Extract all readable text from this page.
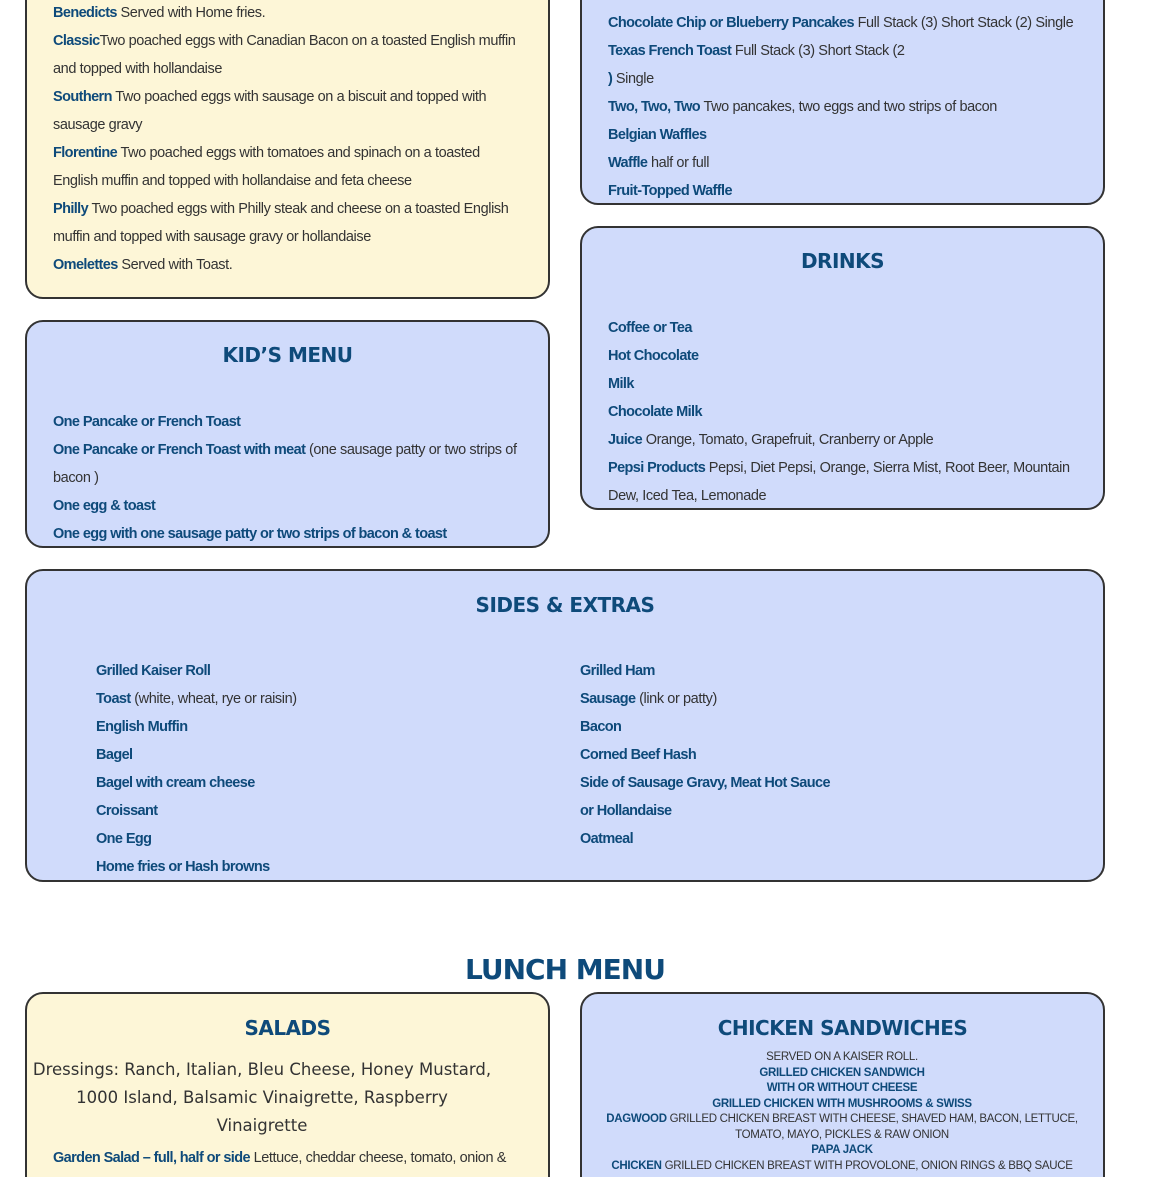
Benedicts Served with Home fries.
ClassicTwo poached eggs with Canadian Bacon on a toasted English muffin and topped with hollandaise
Southern Two poached eggs with sausage on a biscuit and topped with sausage gravy
Florentine Two poached eggs with tomatoes and spinach on a toasted English muffin and topped with hollandaise and feta cheese
Philly Two poached eggs with Philly steak and cheese on a toasted English muffin and topped with sausage gravy or hollandaise
Omelettes Served with Toast.
Chocolate Chip or Blueberry Pancakes Full Stack (3) Short Stack (2) Single
Texas French Toast Full Stack (3) Short Stack (2
) Single
Two, Two, Two Two pancakes, two eggs and two strips of bacon
Belgian Waffles
Waffle half or full
Fruit-Topped Waffle
KID’S MENU
One Pancake or French Toast
One Pancake or French Toast with meat (one sausage patty or two strips of bacon )
One egg & toast
One egg with one sausage patty or two strips of bacon & toast
DRINKS
Coffee or Tea
Hot Chocolate
Milk
Chocolate Milk
Juice Orange, Tomato, Grapefruit, Cranberry or Apple
Pepsi Products Pepsi, Diet Pepsi, Orange, Sierra Mist, Root Beer, Mountain Dew, Iced Tea, Lemonade
SIDES & EXTRAS
Grilled Kaiser Roll
Toast (white, wheat, rye or raisin)
English Muffin
Bagel
Bagel with cream cheese
Croissant
One Egg
Home fries or Hash browns
Grilled Ham
Sausage (link or patty)
Bacon
Corned Beef Hash
Side of Sausage Gravy, Meat Hot Sauce or Hollandaise
Oatmeal
LUNCH MENU
SALADS
Dressings: Ranch, Italian, Bleu Cheese, Honey Mustard, 1000 Island, Balsamic Vinaigrette, Raspberry Vinaigrette
Garden Salad – full, half or side Lettuce, cheddar cheese, tomato, onion &
CHICKEN SANDWICHES
SERVED ON A KAISER ROLL.
GRILLED CHICKEN SANDWICH
WITH OR WITHOUT CHEESE
GRILLED CHICKEN WITH MUSHROOMS & SWISS
DAGWOOD GRILLED CHICKEN BREAST WITH CHEESE, SHAVED HAM, BACON, LETTUCE, TOMATO, MAYO, PICKLES & RAW ONION
PAPA JACK
CHICKEN GRILLED CHICKEN BREAST WITH PROVOLONE, ONION RINGS & BBQ SAUCE
